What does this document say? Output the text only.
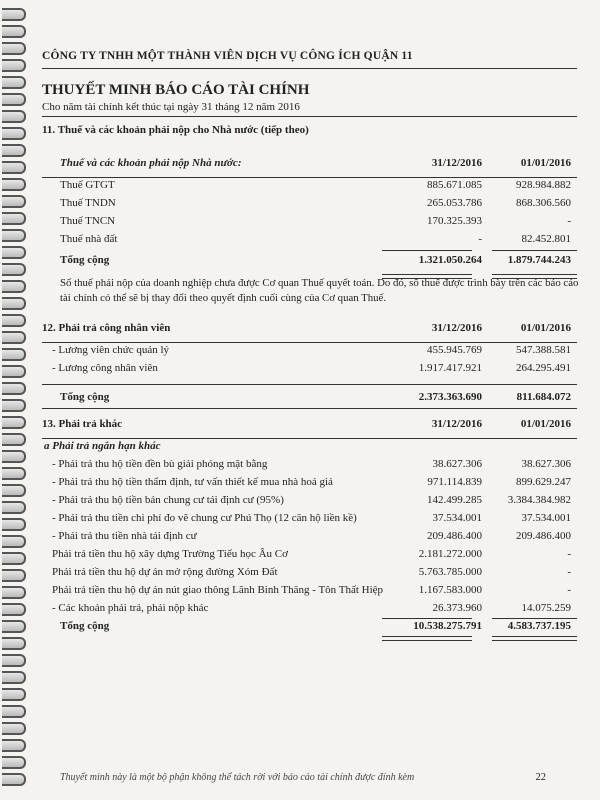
CÔNG TY TNHH MỘT THÀNH VIÊN DỊCH VỤ CÔNG ÍCH QUẬN 11
THUYẾT MINH BÁO CÁO TÀI CHÍNH
Cho năm tài chính kết thúc tại ngày 31 tháng 12 năm 2016
11. Thuế và các khoản phải nộp cho Nhà nước (tiếp theo)
Thuế và các khoản phải nộp Nhà nước:	31/12/2016	01/01/2016
Thuế GTGT	885.671.085	928.984.882
Thuế TNDN	265.053.786	868.306.560
Thuế TNCN	170.325.393	-
Thuế nhà đất	-	82.452.801
Tổng cộng	1.321.050.264 1.879.744.243
Số thuế phải nộp của doanh nghiệp chưa được Cơ quan Thuế quyết toán. Do đó, số thuế được trình bày trên các báo cáo tài chính có thể sẽ bị thay đổi theo quyết định cuối cùng của Cơ quan Thuế.
12. Phải trả công nhân viên	31/12/2016	01/01/2016
- Lương viên chức quản lý	455.945.769	547.388.581
- Lương công nhân viên	1.917.417.921	264.295.491
Tổng cộng	2.373.363.690	811.684.072
13. Phải trả khác	31/12/2016	01/01/2016
a Phải trả ngắn hạn khác
- Phải trả thu hộ tiền đền bù giải phóng mặt bằng	38.627.306	38.627.306
- Phải trả thu hộ tiền thẩm định, tư vấn thiết kế mua nhà hoá giá	971.114.839	899.629.247
- Phải trả thu hộ tiền bán chung cư tái định cư (95%)	142.499.285 3.384.384.982
- Phải trả thu tiền chi phí đo vẽ chung cư Phú Thọ (12 căn hộ liền kề)	37.534.001	37.534.001
- Phải trả thu tiền nhà tái định cư	209.486.400	209.486.400
Phải trả tiền thu hộ xây dựng Trường Tiểu học Âu Cơ	2.181.272.000	-
Phải trả tiền thu hộ dự án mở rộng đường Xóm Đất	5.763.785.000	-
Phải trả tiền thu hộ dự án nút giao thông Lãnh Binh Thăng - Tôn Thất Hiệp	1.167.583.000	-
- Các khoản phải trả, phải nộp khác	26.373.960	14.075.259
Tổng cộng	10.538.275.791 4.583.737.195
Thuyết minh này là một bộ phận không thể tách rời với báo cáo tài chính được đính kèm	22
